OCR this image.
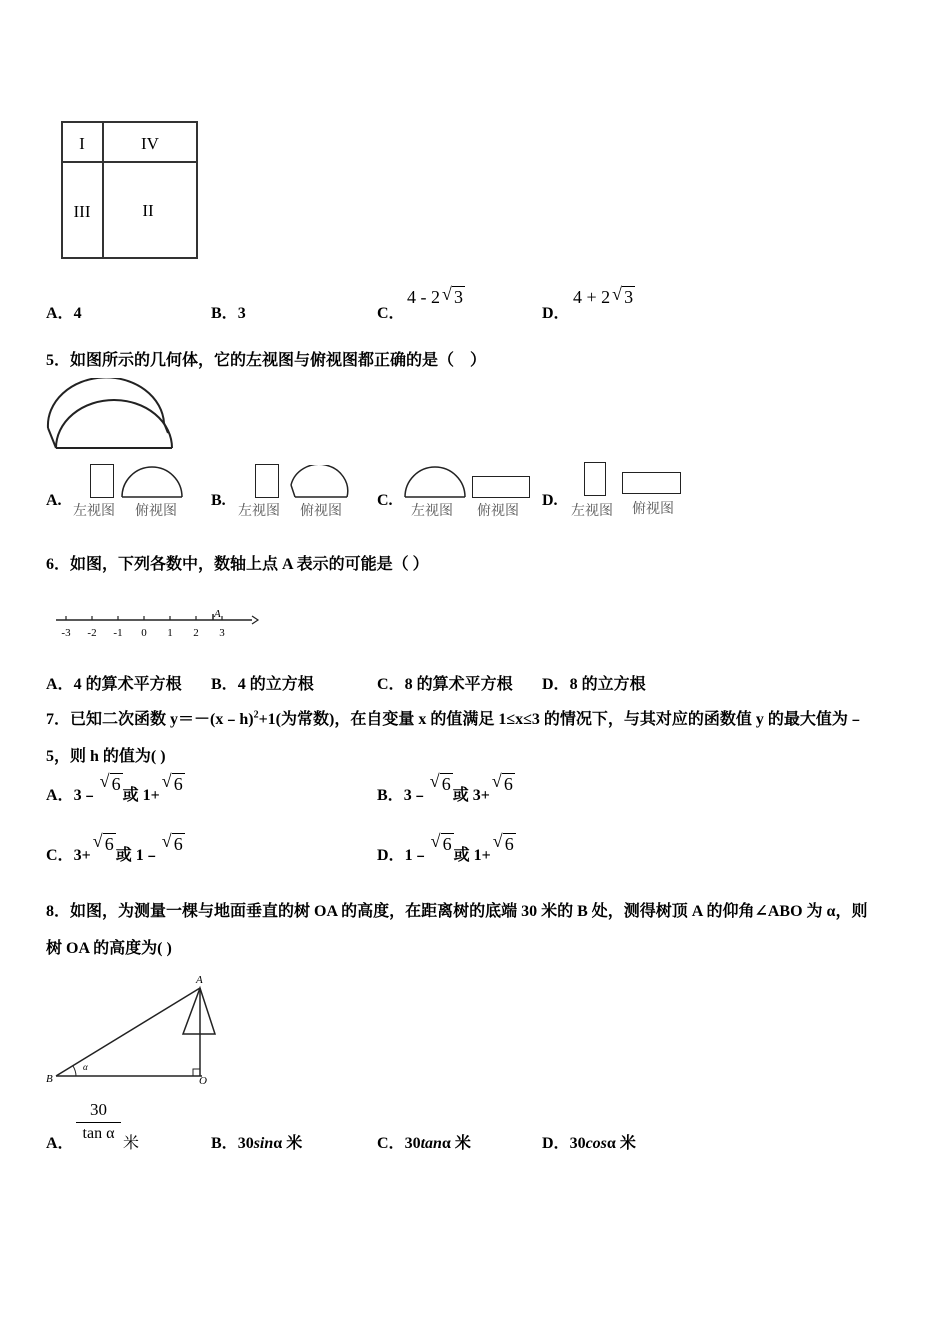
I	IV
III	II
A．4	B．3	C．
4 - 2 √ 3
D．
4 + 2 √ 3
5．如图所示的几何体，它的左视图与俯视图都正确的是（　）
A.
左视图 俯视图
B.
左视图 俯视图
C.
左视图 俯视图
D.
左视图 俯视图
6．如图，下列各数中，数轴上点 A 表示的可能是（ ）
-3 -2 -1 0 1 2 3
A
A．4 的算术平方根 B．4 的立方根	C．8 的算术平方根 D．8 的立方根
7．已知二次函数 y＝－(x﹣h)$^2$+1(为常数)，在自变量 x 的值满足 1≤x≤3 的情况下，与其对应的函数值 y 的最大值为﹣
5，则 h 的值为( )
A．3﹣
√ 6或 1+
√ 6
B．3﹣
√ 6或 3+
√ 6
C．3+
√ 6或 1﹣
√ 6
D．1﹣
√ 6或 1+
√ 6
8．如图，为测量一棵与地面垂直的树 OA 的高度，在距离树的底端 30 米的 B 处，测得树顶 A 的仰角∠ABO 为 α，则
树 OA 的高度为( )
A
B	O
α
A．
30
tan α
米	B．30sinα 米	C．30tanα 米	D．30cosα 米
